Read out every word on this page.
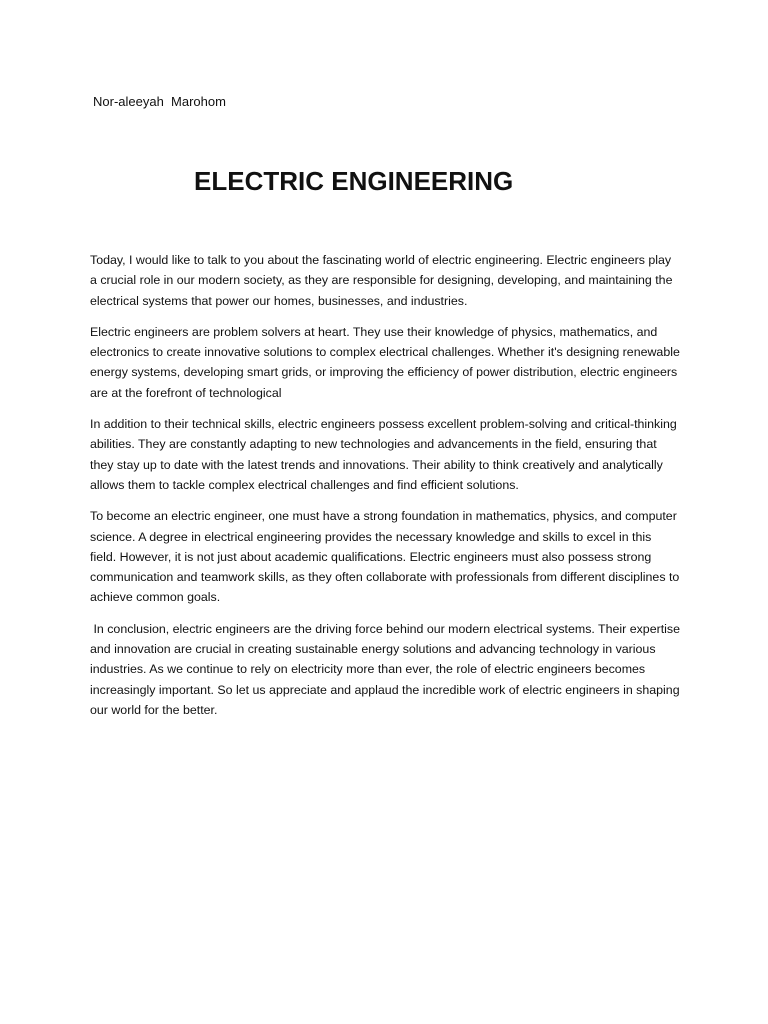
Nor-aleeyah  Marohom
ELECTRIC ENGINEERING

Today, I would like to talk to you about the fascinating world of electric engineering. Electric engineers play a crucial role in our modern society, as they are responsible for designing, developing, and maintaining the electrical systems that power our homes, businesses, and industries.

Electric engineers are problem solvers at heart. They use their knowledge of physics, mathematics, and electronics to create innovative solutions to complex electrical challenges. Whether it's designing renewable energy systems, developing smart grids, or improving the efficiency of power distribution, electric engineers are at the forefront of technological

In addition to their technical skills, electric engineers possess excellent problem-solving and critical-thinking abilities. They are constantly adapting to new technologies and advancements in the field, ensuring that they stay up to date with the latest trends and innovations. Their ability to think creatively and analytically allows them to tackle complex electrical challenges and find efficient solutions.

To become an electric engineer, one must have a strong foundation in mathematics, physics, and computer science. A degree in electrical engineering provides the necessary knowledge and skills to excel in this field. However, it is not just about academic qualifications. Electric engineers must also possess strong communication and teamwork skills, as they often collaborate with professionals from different disciplines to achieve common goals.

In conclusion, electric engineers are the driving force behind our modern electrical systems. Their expertise and innovation are crucial in creating sustainable energy solutions and advancing technology in various industries. As we continue to rely on electricity more than ever, the role of electric engineers becomes increasingly important. So let us appreciate and applaud the incredible work of electric engineers in shaping our world for the better.
